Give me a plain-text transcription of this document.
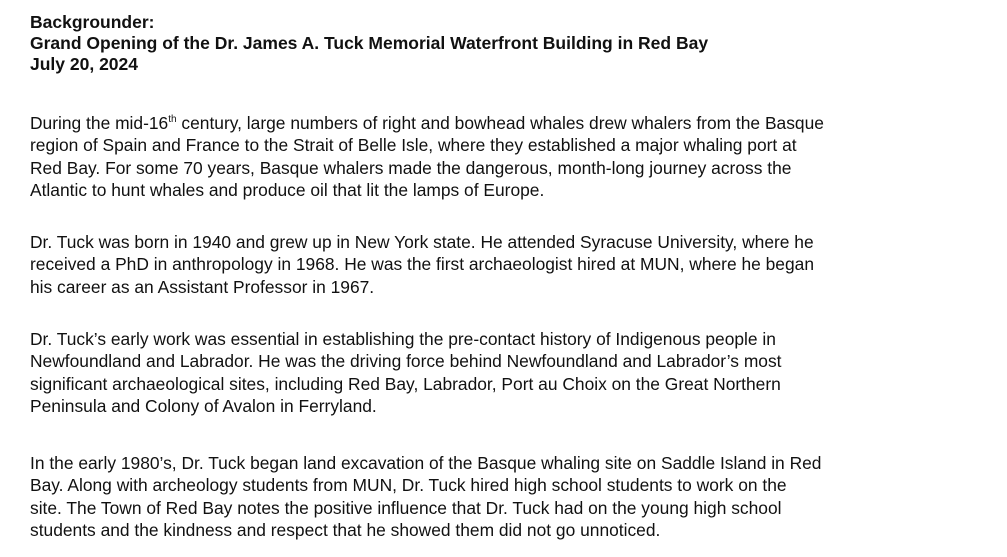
Backgrounder:

Grand Opening of the Dr. James A. Tuck Memorial Waterfront Building in Red Bay

July 20, 2024

During the mid-16th century, large numbers of right and bowhead whales drew whalers from the Basque
region of Spain and France to the Strait of Belle Isle, where they established a major whaling port at
Red Bay. For some 70 years, Basque whalers made the dangerous, month-long journey across the
Atlantic to hunt whales and produce oil that lit the lamps of Europe.
Dr. Tuck was born in 1940 and grew up in New York state. He attended Syracuse University, where he
received a PhD in anthropology in 1968. He was the first archaeologist hired at MUN, where he began
his career as an Assistant Professor in 1967.
Dr. Tuck’s early work was essential in establishing the pre-contact history of Indigenous people in
Newfoundland and Labrador. He was the driving force behind Newfoundland and Labrador’s most
significant archaeological sites, including Red Bay, Labrador, Port au Choix on the Great Northern
Peninsula and Colony of Avalon in Ferryland.
In the early 1980’s, Dr. Tuck began land excavation of the Basque whaling site on Saddle Island in Red
Bay. Along with archeology students from MUN, Dr. Tuck hired high school students to work on the
site. The Town of Red Bay notes the positive influence that Dr. Tuck had on the young high school
students and the kindness and respect that he showed them did not go unnoticed.
